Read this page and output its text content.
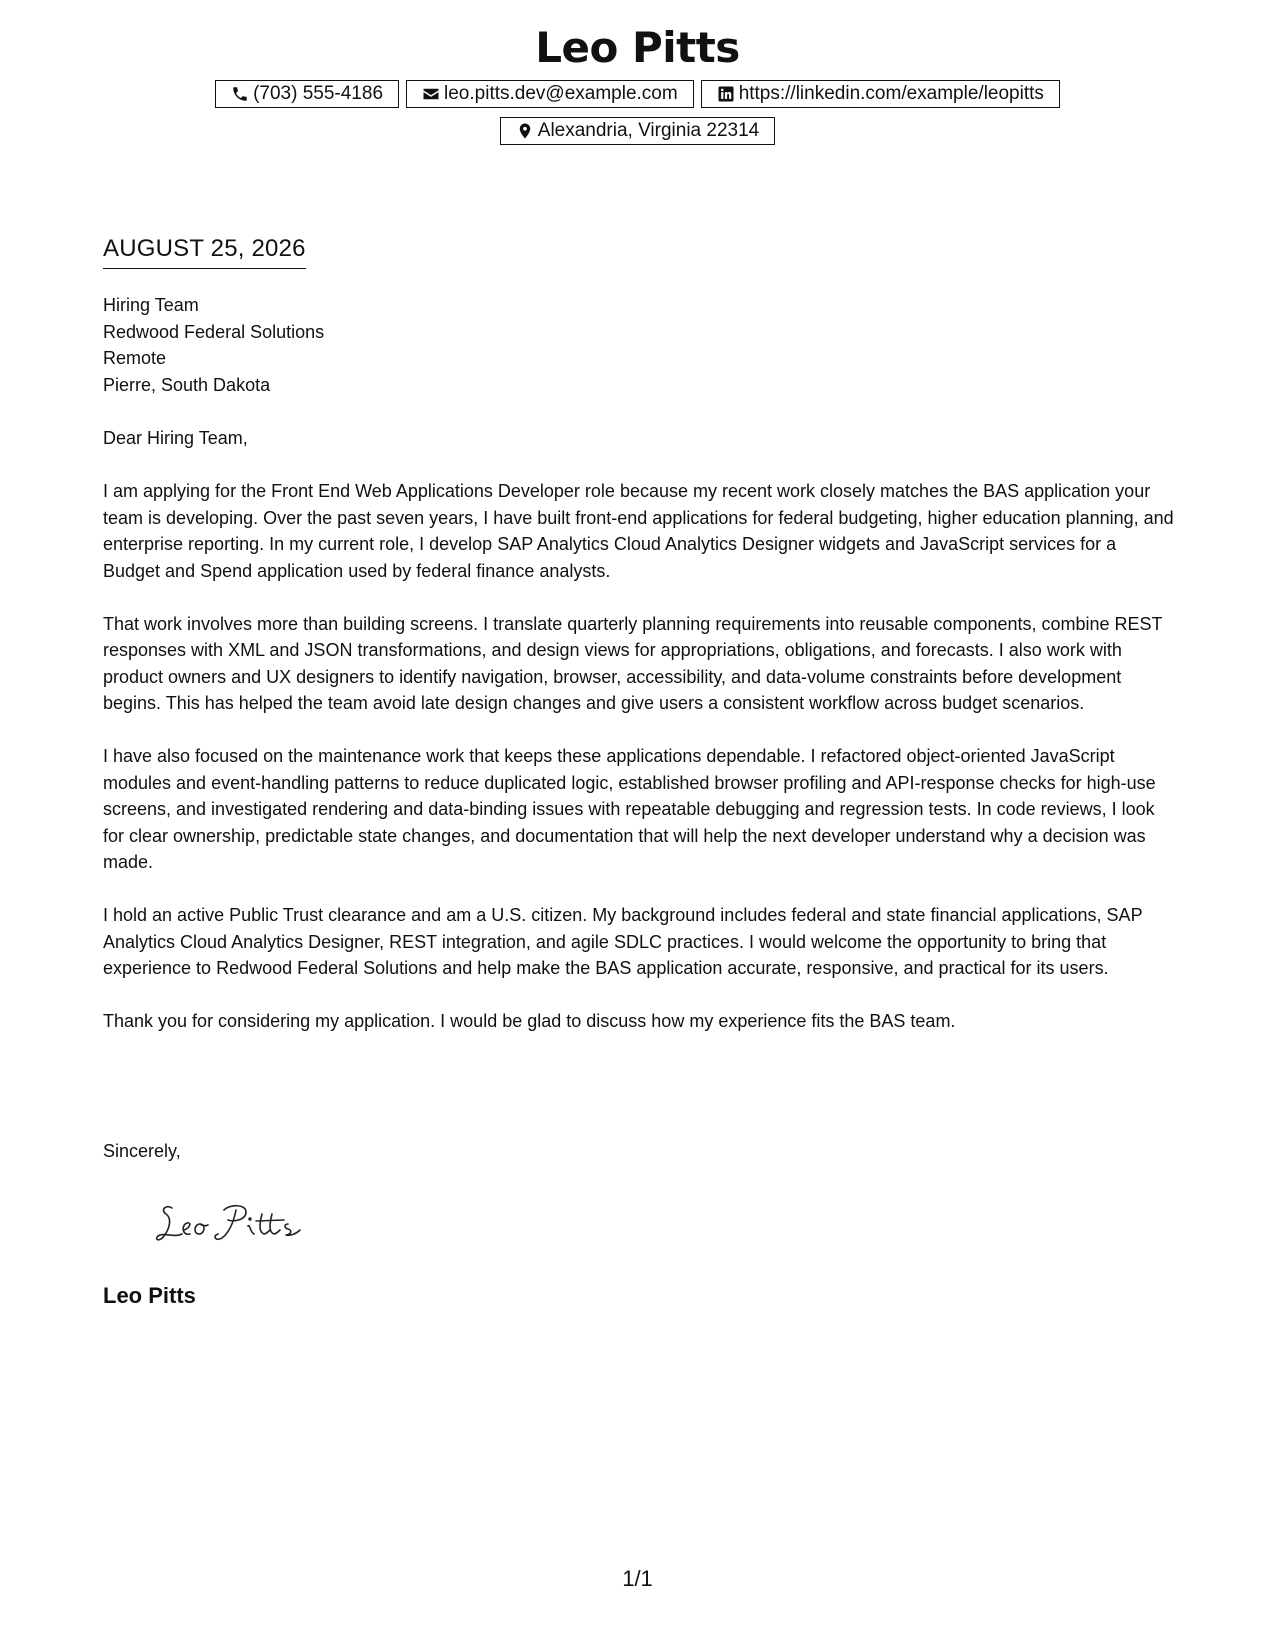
Leo Pitts
(703) 555-4186	leo.pitts.dev@example.com	https://linkedin.com/example/leopitts
Alexandria, Virginia 22314
AUGUST 25, 2026
Hiring Team
Redwood Federal Solutions
Remote
Pierre, South Dakota
Dear Hiring Team,

I am applying for the Front End Web Applications Developer role because my recent work closely matches the BAS application your team is developing. Over the past seven years, I have built front-end applications for federal budgeting, higher education planning, and enterprise reporting. In my current role, I develop SAP Analytics Cloud Analytics Designer widgets and JavaScript services for a Budget and Spend application used by federal finance analysts.

That work involves more than building screens. I translate quarterly planning requirements into reusable components, combine REST responses with XML and JSON transformations, and design views for appropriations, obligations, and forecasts. I also work with product owners and UX designers to identify navigation, browser, accessibility, and data-volume constraints before development begins. This has helped the team avoid late design changes and give users a consistent workflow across budget scenarios.

I have also focused on the maintenance work that keeps these applications dependable. I refactored object-oriented JavaScript modules and event-handling patterns to reduce duplicated logic, established browser profiling and API-response checks for high-use screens, and investigated rendering and data-binding issues with repeatable debugging and regression tests. In code reviews, I look for clear ownership, predictable state changes, and documentation that will help the next developer understand why a decision was made.

I hold an active Public Trust clearance and am a U.S. citizen. My background includes federal and state financial applications, SAP Analytics Cloud Analytics Designer, REST integration, and agile SDLC practices. I would welcome the opportunity to bring that experience to Redwood Federal Solutions and help make the BAS application accurate, responsive, and practical for its users.

Thank you for considering my application. I would be glad to discuss how my experience fits the BAS team.

Sincerely,
Leo Pitts
1/1
